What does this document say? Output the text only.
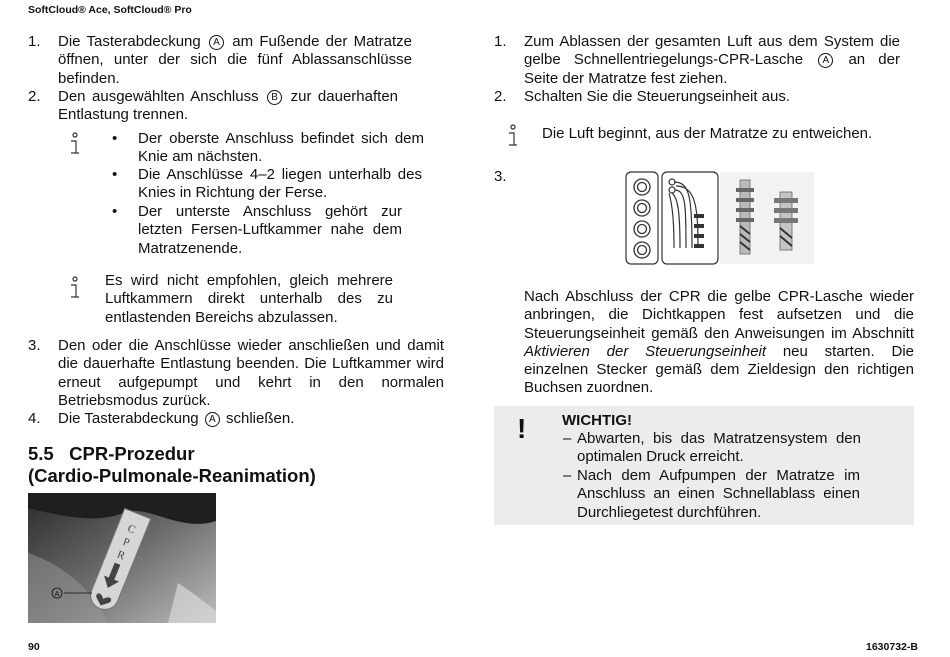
SoftCloud® Ace, SoftCloud® Pro
90	1630732-B
1. Die Tasterabdeckung A am Fußende der Matratze öffnen, unter der sich die fünf Ablassanschlüsse befinden.
2. Den ausgewählten Anschluss B zur dauerhaften Entlastung trennen.
• Der oberste Anschluss befindet sich dem Knie am nächsten.
• Die Anschlüsse 4–2 liegen unterhalb des Knies in Richtung der Ferse.
• Der unterste Anschluss gehört zur letzten Fersen-Luftkammer nahe dem Matratzenende.
Es wird nicht empfohlen, gleich mehrere Luftkammern direkt unterhalb des zu entlastenden Bereichs abzulassen.
3. Den oder die Anschlüsse wieder anschließen und damit die dauerhafte Entlastung beenden. Die Luftkammer wird erneut aufgepumpt und kehrt in den normalen Betriebsmodus zurück.
4. Die Tasterabdeckung A schließen.
5.5   CPR-Prozedur
(Cardio-Pulmonale-Reanimation)
C
P
R
A
1. Zum Ablassen der gesamten Luft aus dem System die gelbe Schnellentriegelungs-CPR-Lasche A an der Seite der Matratze fest ziehen.
2. Schalten Sie die Steuerungseinheit aus.
Die Luft beginnt, aus der Matratze zu entweichen.
3.
Nach Abschluss der CPR die gelbe CPR-Lasche wieder anbringen, die Dichtkappen fest aufsetzen und die Steuerungseinheit gemäß den Anweisungen im Abschnitt Aktivieren der Steuerungseinheit neu starten. Die einzelnen Stecker gemäß dem Zieldesign den richtigen Buchsen zuordnen.
! WICHTIG!
– Abwarten, bis das Matratzensystem den optimalen Druck erreicht.
– Nach dem Aufpumpen der Matratze im Anschluss an einen Schnellablass einen Durchliegetest durchführen.
